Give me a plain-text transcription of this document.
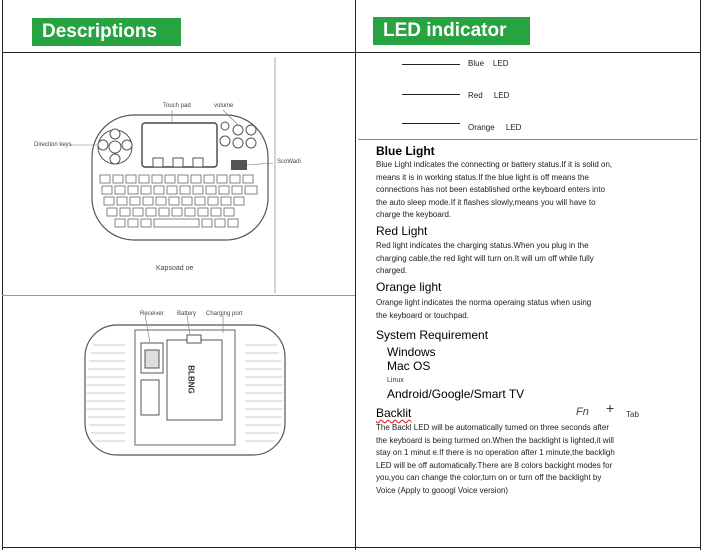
Descriptions	LED indicator
Touch pad	volume
Direction keys
ScoWadi
Kapsoad oe
Receiver Battery Charging port
BLBNG
Blue LED
Red LED
Orange LED
Blue Light
Blue Light indicates the connecting or battery status.If it is solid on,
means it is in working status.If the blue light is off means the
connections has not been established orthe keyboard enters into
the auto sleep mode.If it flashes slowly,means you will have to
charge the keyboard.
Red Light
Red light indicates the charging status.When you plug in the
charging cable,the red light will turn on.It will um off while fully
charged.
Orange light
Orange light indicates the norma operaing status when using
the keyboard or touchpad.
System Requirement
Windows
Mac OS
Linux
Android/Google/Smart TV
Backlit	Fn + Tab
The Backl LED will be automatically tumed on three seconds after
the keyboard is being turmed on.When the backlight is lighted,it will
stay on 1 minut e.If there is no operation after 1 minute,the backligh
LED will be off automatically.There are 8 colors backight modes for
you,you can change the color,turn on or turn off the backlight by
Voice (Apply to gooogl Voice version)
